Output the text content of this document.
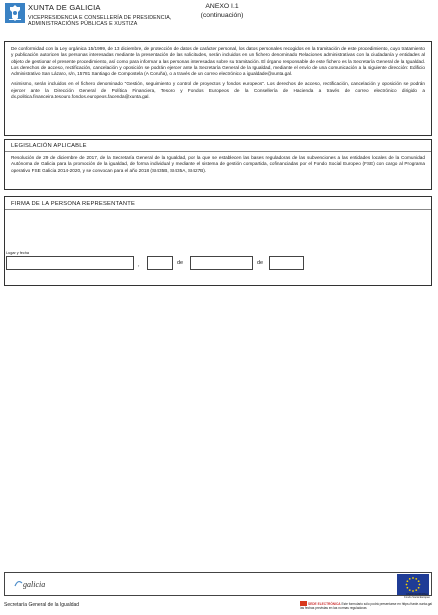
XUNTA DE GALICIA
VICEPRESIDENCIA E CONSELLERÍA DE PRESIDENCIA,
ADMINISTRACIÓNS PÚBLICAS E XUSTIZA
ANEXO I.1
(continuación)

De conformidad con la Ley orgánica 15/1999, de 13 diciembre, de protección de datos de carácter personal, los datos personales recogidos en la tramitación de este procedimiento, cuyo tratamiento y publicación autoricen las personas interesadas mediante la presentación de las solicitudes, serán incluidos en un fichero denominado Relaciones administrativas con la ciudadanía y entidades al objeto de gestionar el presente procedimiento, así como para informar a las personas interesadas sobre su tramitación. El órgano responsable de este fichero es la Secretaría General de la Igualdad. Los derechos de acceso, rectificación, cancelación y oposición se podrán ejercer ante la Secretaría General de la Igualdad, mediante el envío de una comunicación a la siguiente dirección: Edificio Administrativo San Lázaro, s/n, 15781 Santiago de Compostela (A Coruña), o a través de un correo electrónico a igualdade@xunta.gal.

Asimismo, serán incluidos en el fichero denominado "Gestión, seguimiento y control de proyectos y fondos europeos". Los derechos de acceso, rectificación, cancelación y oposición se podrán ejercer ante la Dirección General de Política Financiera, Tesoro y Fondos Europeos de la Consellería de Hacienda a través de correo electrónico dirigido a dx.politica.financeira.tesouro.fondos.europeos.facenda@xunta.gal.

LEGISLACIÓN APLICABLE

Resolución de 29 de diciembre de 2017, de la Secretaría General de la Igualdad, por la que se establecen las bases reguladoras de las subvenciones a las entidades locales de la Comunidad Autónoma de Galicia para la promoción de la igualdad, de forma individual y mediante el sistema de gestión compartida, cofinanciadas por el Fondo Social Europeo (FSE) con cargo al Programa operativo FSE Galicia 2014-2020, y se convocan para el año 2018 (SI435B, SI435A, SI427B).

FIRMA DE LA PERSONA REPRESENTANTE
Lugar y fecha
,	de	de
galicia
UNIÓN EUROPEA
Fondo Social Europeo
Secretaría General de la Igualdad	SEDE ELECTRÓNICA Este formulario sólo podrá presentarse en https://sede.xunta.gal las fechas previstas en las normas reguladoras
